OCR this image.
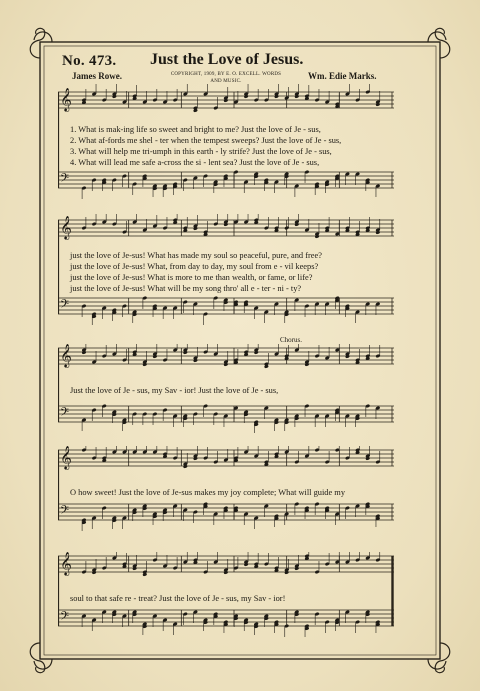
No. 473. Just the Love of Jesus.
James Rowe.	COPYRIGHT, 1909, BY E. O. EXCELL. WORDS AND MUSIC.
Wm. Edie Marks.
𝄞
𝄢
1. What is mak-ing life so sweet and bright to me? Just the love of Je - sus,
2. What af-fords me shel - ter when the tempest sweeps? Just the love of Je - sus,
3. What will help me tri-umph in this earth - ly strife? Just the love of Je - sus,
4. What will lead me safe a-cross the si - lent sea? Just the love of Je - sus,
𝄞
𝄢
just the love of Je-sus! What has made my soul so peaceful, pure, and free?
just the love of Je-sus! What, from day to day, my soul from e - vil keeps?
just the love of Je-sus! What is more to me than wealth, or fame, or life?
just the love of Je-sus! What will be my song thro' all e - ter - ni - ty?
Chorus.
𝄞
𝄢
Just the love of Je - sus, my Sav - ior! Just the love of Je - sus,
𝄞
𝄢
O how sweet! Just the love of Je-sus makes my joy complete; What will guide my
𝄞
𝄢
soul to that safe re - treat? Just the love of Je - sus, my Sav - ior!
